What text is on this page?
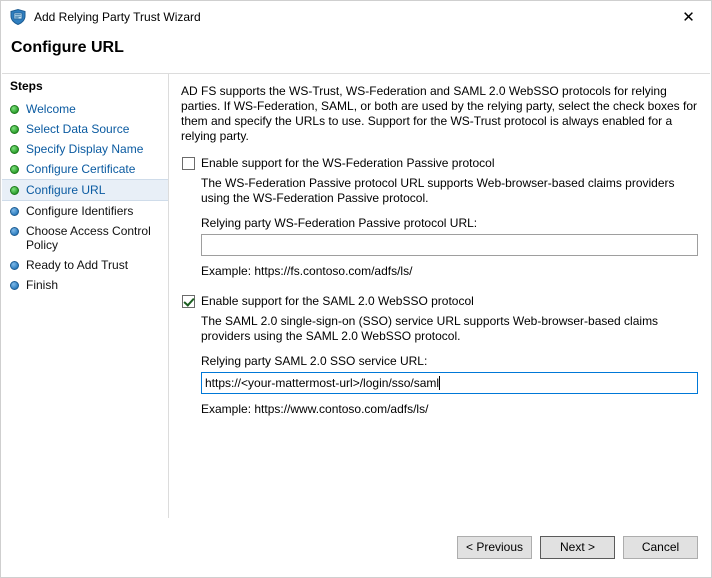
Add Relying Party Trust Wizard	✕
Configure URL
Steps
Welcome
Select Data Source
Specify Display Name
Configure Certificate
Configure URL
Configure Identifiers
Choose Access Control Policy
Ready to Add Trust
Finish

AD FS supports the WS-Trust, WS-Federation and SAML 2.0 WebSSO protocols for relying parties. If WS-Federation, SAML, or both are used by the relying party, select the check boxes for them and specify the URLs to use. Support for the WS-Trust protocol is always enabled for a relying party.

Enable support for the WS-Federation Passive protocol

The WS-Federation Passive protocol URL supports Web-browser-based claims providers using the WS-Federation Passive protocol.

Relying party WS-Federation Passive protocol URL:

Example: https://fs.contoso.com/adfs/ls/

Enable support for the SAML 2.0 WebSSO protocol

The SAML 2.0 single-sign-on (SSO) service URL supports Web-browser-based claims providers using the SAML 2.0 WebSSO protocol.

Relying party SAML 2.0 SSO service URL:

https://<your-mattermost-url>/login/sso/saml

Example: https://www.contoso.com/adfs/ls/

< Previous	Next >	Cancel
